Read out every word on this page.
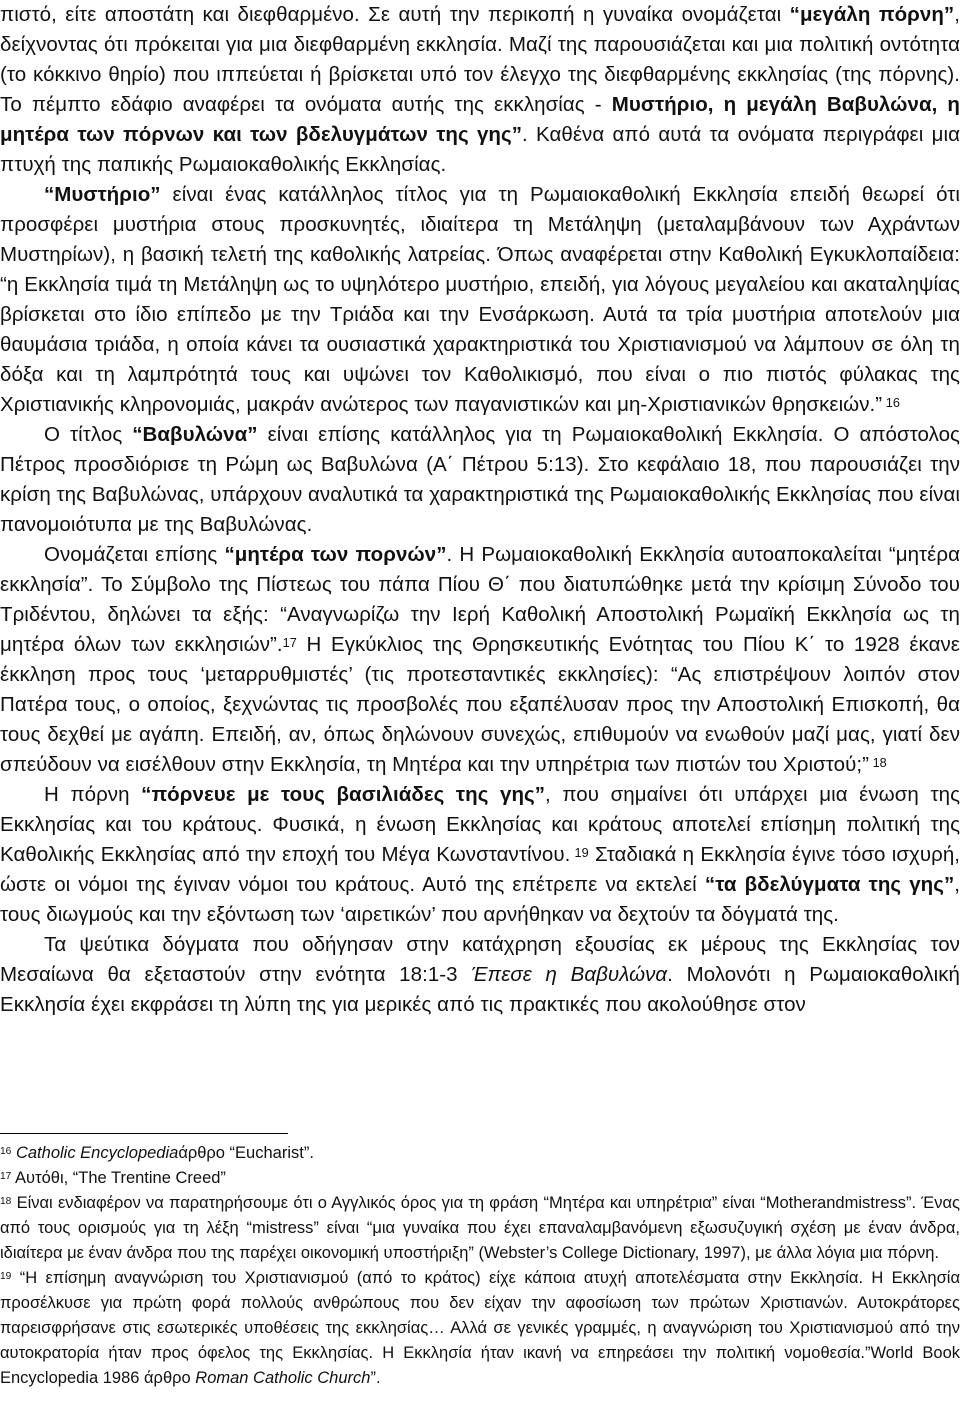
πιστό, είτε αποστάτη και διεφθαρμένο. Σε αυτή την περικοπή η γυναίκα ονομάζεται “μεγάλη πόρνη”, δείχνοντας ότι πρόκειται για μια διεφθαρμένη εκκλησία. Μαζί της παρουσιάζεται και μια πολιτική οντότητα (το κόκκινο θηρίο) που ιππεύεται ή βρίσκεται υπό τον έλεγχο της διεφθαρμένης εκκλησίας (της πόρνης). Το πέμπτο εδάφιο αναφέρει τα ονόματα αυτής της εκκλησίας - Μυστήριο, η μεγάλη Βαβυλώνα, η μητέρα των πόρνων και των βδελυγμάτων της γης”. Καθένα από αυτά τα ονόματα περιγράφει μια πτυχή της παπικής Ρωμαιοκαθολικής Εκκλησίας.

“Μυστήριο” είναι ένας κατάλληλος τίτλος για τη Ρωμαιοκαθολική Εκκλησία επειδή θεωρεί ότι προσφέρει μυστήρια στους προσκυνητές, ιδιαίτερα τη Μετάληψη (μεταλαμβάνουν των Αχράντων Μυστηρίων), η βασική τελετή της καθολικής λατρείας. Όπως αναφέρεται στην Καθολική Εγκυκλοπαίδεια: “η Εκκλησία τιμά τη Μετάληψη ως το υψηλότερο μυστήριο, επειδή, για λόγους μεγαλείου και ακαταληψίας βρίσκεται στο ίδιο επίπεδο με την Τριάδα και την Ενσάρκωση. Αυτά τα τρία μυστήρια αποτελούν μια θαυμάσια τριάδα, η οποία κάνει τα ουσιαστικά χαρακτηριστικά του Χριστιανισμού να λάμπουν σε όλη τη δόξα και τη λαμπρότητά τους και υψώνει τον Καθολικισμό, που είναι ο πιο πιστός φύλακας της Χριστιανικής κληρονομιάς, μακράν ανώτερος των παγανιστικών και μη-Χριστιανικών θρησκειών.” $^{16}$

Ο τίτλος “Βαβυλώνα” είναι επίσης κατάλληλος για τη Ρωμαιοκαθολική Εκκλησία. Ο απόστολος Πέτρος προσδιόρισε τη Ρώμη ως Βαβυλώνα (Α΄ Πέτρου 5:13). Στο κεφάλαιο 18, που παρουσιάζει την κρίση της Βαβυλώνας, υπάρχουν αναλυτικά τα χαρακτηριστικά της Ρωμαιοκαθολικής Εκκλησίας που είναι πανομοιότυπα με της Βαβυλώνας.

Ονομάζεται επίσης “μητέρα των πορνών”. Η Ρωμαιοκαθολική Εκκλησία αυτοαποκαλείται “μητέρα εκκλησία”. Το Σύμβολο της Πίστεως του πάπα Πίου Θ΄ που διατυπώθηκε μετά την κρίσιμη Σύνοδο του Τριδέντου, δηλώνει τα εξής: “Αναγνωρίζω την Ιερή Καθολική Αποστολική Ρωμαϊκή Εκκλησία ως τη μητέρα όλων των εκκλησιών”.$^{17}$ Η Εγκύκλιος της Θρησκευτικής Ενότητας του Πίου Κ΄ το 1928 έκανε έκκληση προς τους ‘μεταρρυθμιστές’ (τις προτεσταντικές εκκλησίες): “Ας επιστρέψουν λοιπόν στον Πατέρα τους, ο οποίος, ξεχνώντας τις προσβολές που εξαπέλυσαν προς την Αποστολική Επισκοπή, θα τους δεχθεί με αγάπη. Επειδή, αν, όπως δηλώνουν συνεχώς, επιθυμούν να ενωθούν μαζί μας, γιατί δεν σπεύδουν να εισέλθουν στην Εκκλησία, τη Μητέρα και την υπηρέτρια των πιστών του Χριστού;” $^{18}$

Η πόρνη “πόρνευε με τους βασιλιάδες της γης”, που σημαίνει ότι υπάρχει μια ένωση της Εκκλησίας και του κράτους. Φυσικά, η ένωση Εκκλησίας και κράτους αποτελεί επίσημη πολιτική της Καθολικής Εκκλησίας από την εποχή του Μέγα Κωνσταντίνου. $^{19}$ Σταδιακά η Εκκλησία έγινε τόσο ισχυρή, ώστε οι νόμοι της έγιναν νόμοι του κράτους. Αυτό της επέτρεπε να εκτελεί “τα βδελύγματα της γης”, τους διωγμούς και την εξόντωση των ‘αιρετικών’ που αρνήθηκαν να δεχτούν τα δόγματά της.

Τα ψεύτικα δόγματα που οδήγησαν στην κατάχρηση εξουσίας εκ μέρους της Εκκλησίας τον Μεσαίωνα θα εξεταστούν στην ενότητα 18:1-3 Έπεσε η Βαβυλώνα. Μολονότι η Ρωμαιοκαθολική Εκκλησία έχει εκφράσει τη λύπη της για μερικές από τις πρακτικές που ακολούθησε στον

$^{16}$ Catholic Encyclopediaάρθρο “Eucharist”.

$^{17}$ Αυτόθι, “The Trentine Creed”

$^{18}$ Είναι ενδιαφέρον να παρατηρήσουμε ότι ο Αγγλικός όρος για τη φράση “Μητέρα και υπηρέτρια” είναι “Motherandmistress”. Ένας από τους ορισμούς για τη λέξη “mistress” είναι “μια γυναίκα που έχει επαναλαμβανόμενη εξωσυζυγική σχέση με έναν άνδρα, ιδιαίτερα με έναν άνδρα που της παρέχει οικονομική υποστήριξη” (Webster’s College Dictionary, 1997), με άλλα λόγια μια πόρνη.

$^{19}$ “Η επίσημη αναγνώριση του Χριστιανισμού (από το κράτος) είχε κάποια ατυχή αποτελέσματα στην Εκκλησία. Η Εκκλησία προσέλκυσε για πρώτη φορά πολλούς ανθρώπους που δεν είχαν την αφοσίωση των πρώτων Χριστιανών. Αυτοκράτορες παρεισφρήσανε στις εσωτερικές υποθέσεις της εκκλησίας… Αλλά σε γενικές γραμμές, η αναγνώριση του Χριστιανισμού από την αυτοκρατορία ήταν προς όφελος της Εκκλησίας. Η Εκκλησία ήταν ικανή να επηρεάσει την πολιτική νομοθεσία.”World Book Encyclopedia 1986 άρθρο Roman Catholic Church”.
